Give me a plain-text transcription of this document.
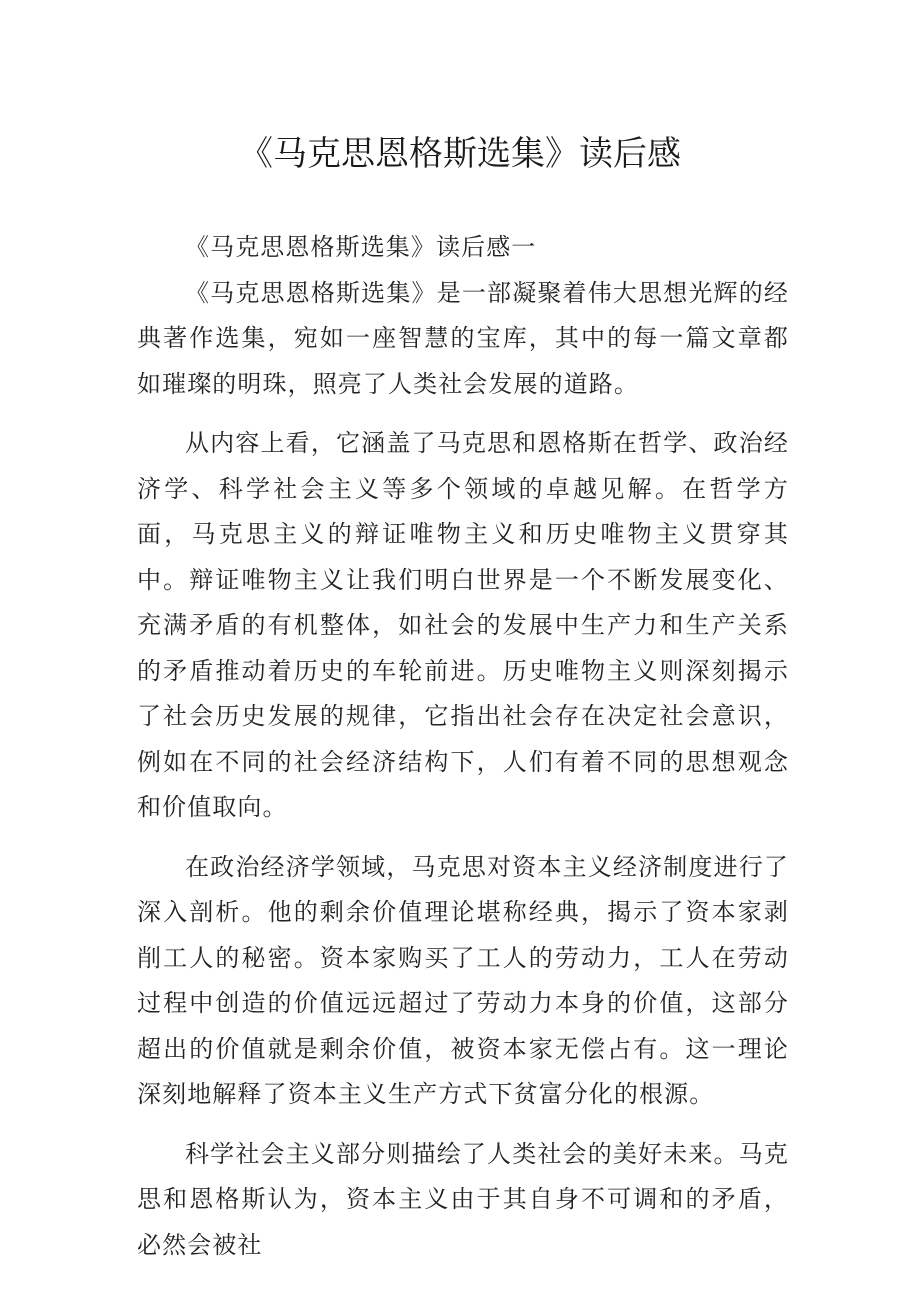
《马克思恩格斯选集》读后感

《马克思恩格斯选集》读后感一

《马克思恩格斯选集》是一部凝聚着伟大思想光辉的经典著作选集，宛如一座智慧的宝库，其中的每一篇文章都如璀璨的明珠，照亮了人类社会发展的道路。

从内容上看，它涵盖了马克思和恩格斯在哲学、政治经济学、科学社会主义等多个领域的卓越见解。在哲学方面，马克思主义的辩证唯物主义和历史唯物主义贯穿其中。辩证唯物主义让我们明白世界是一个不断发展变化、充满矛盾的有机整体，如社会的发展中生产力和生产关系的矛盾推动着历史的车轮前进。历史唯物主义则深刻揭示了社会历史发展的规律，它指出社会存在决定社会意识，例如在不同的社会经济结构下，人们有着不同的思想观念和价值取向。

在政治经济学领域，马克思对资本主义经济制度进行了深入剖析。他的剩余价值理论堪称经典，揭示了资本家剥削工人的秘密。资本家购买了工人的劳动力，工人在劳动过程中创造的价值远远超过了劳动力本身的价值，这部分超出的价值就是剩余价值，被资本家无偿占有。这一理论深刻地解释了资本主义生产方式下贫富分化的根源。

科学社会主义部分则描绘了人类社会的美好未来。马克思和恩格斯认为，资本主义由于其自身不可调和的矛盾，必然会被社
